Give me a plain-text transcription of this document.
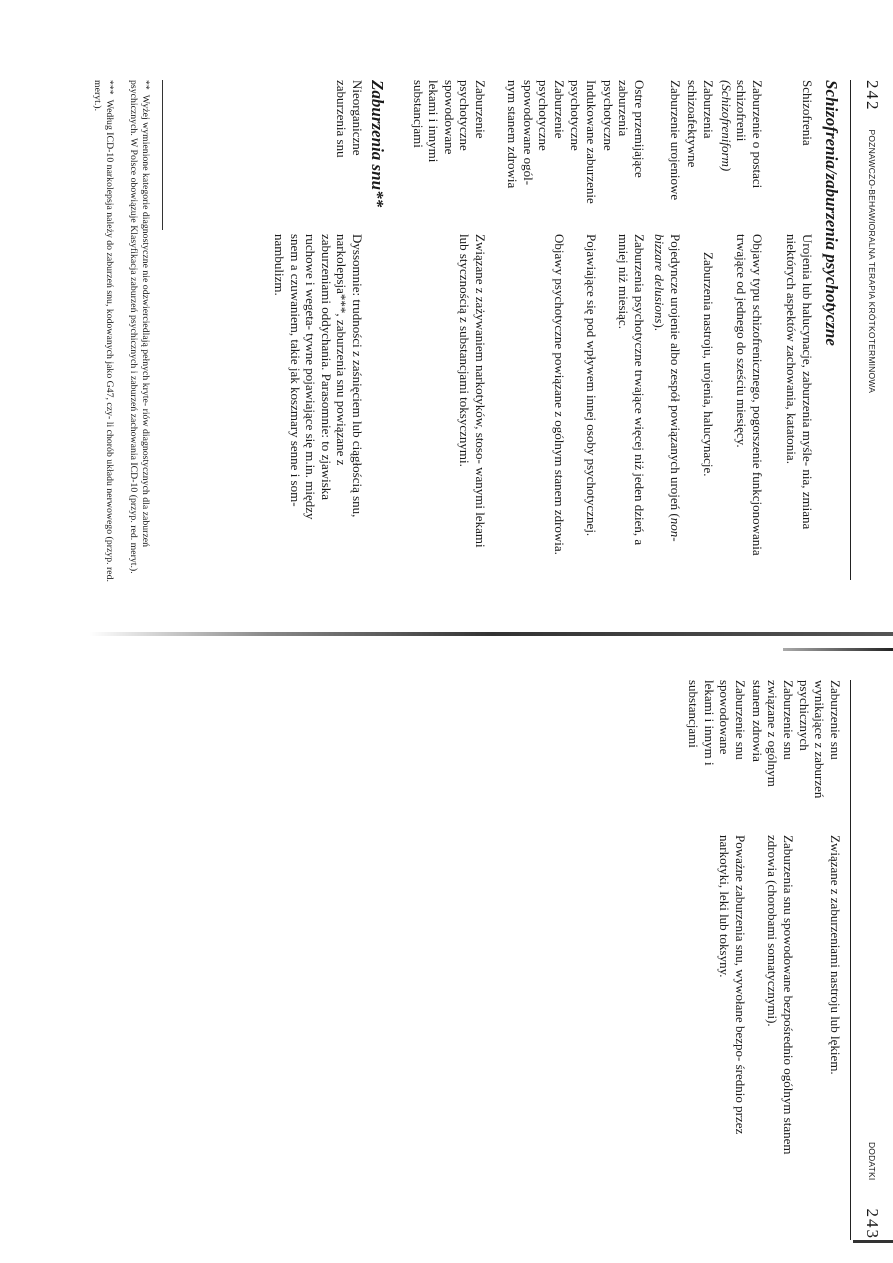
242
POZNAWCZO-BEHAWIORALNA TERAPIA KRÓTKOTERMINOWA
Schizofrenia/zaburzenia psychotyczne
Schizofrenia
Urojenia lub halucynacje, zaburzenia myśle- nia, zmiana niektórych aspektów zachowania, katatonia.
Zaburzenie o postaci schizofrenii
(Schizofreniform)
Objawy typu schizofrenicznego, pogorszenie funkcjonowania trwające od jednego do sześciu miesięcy.
Zaburzenia schizoafektywne
Zaburzenia nastroju, urojenia, halucynacje.
Zaburzenie urojeniowe
Pojedyncze urojenie albo zespół powiązanych urojeń (non-bizzare delusions).
Ostre przemijające zaburzenia psychotyczne
Zaburzenia psychotyczne trwające więcej niż jeden dzień, a mniej niż miesiąc.
Indukowane zaburzenie psychotyczne
Pojawiające się pod wpływem innej osoby psychotycznej.
Zaburzenie psychotyczne spowodowane ogól- nym stanem zdrowia
Objawy psychotyczne powiązane z ogólnym stanem zdrowia.
Zaburzenie psychotyczne spowodowane lekami i innymi substancjami
Związane z zażywaniem narkotyków, stoso- wanymi lekami lub stycznością z substancjami toksycznymi.
Zaburzenia snu**
Nieorganiczne zaburzenia snu
Dyssomnie: trudności z zaśnięciem lub ciągłością snu, narkolepsja***, zaburzenia snu powiązane z zaburzeniami oddychania. Parasomnie: to zjawiska ruchowe i wegeta- tywne pojawiające się m.in. między snem a czuwaniem, takie jak koszmary senne i som- nambulizm.
**  Wyżej wymienione kategorie diagnostyczne nie odzwierciedlają pełnych kryte- riów diagnostycznych dla zaburzeń psychicznych. W Polsce obowiązuje Klasyfikacja zaburzeń psychicznych i zaburzeń zachowania ICD-10 (przyp. red. meryt.).
***  Według ICD-10 narkolepsja należy do zaburzeń snu, kodowanych jako G47, czy- li chorób układu nerwowego (przyp. red. meryt.).
DODATKI
243
Zaburzenie snu wynikające z zaburzeń psychicznych
Związane z zaburzeniami nastroju lub lękiem.
Zaburzenie snu związane z ogólnym stanem zdrowia
Zaburzenia snu spowodowane bezpośrednio ogólnym stanem zdrowia (chorobami somatycznymi).
Zaburzenie snu spowodowane lekami i innym i substancjami
Poważne zaburzenia snu, wywołane bezpo- średnio przez narkotyki, leki lub toksyny.
